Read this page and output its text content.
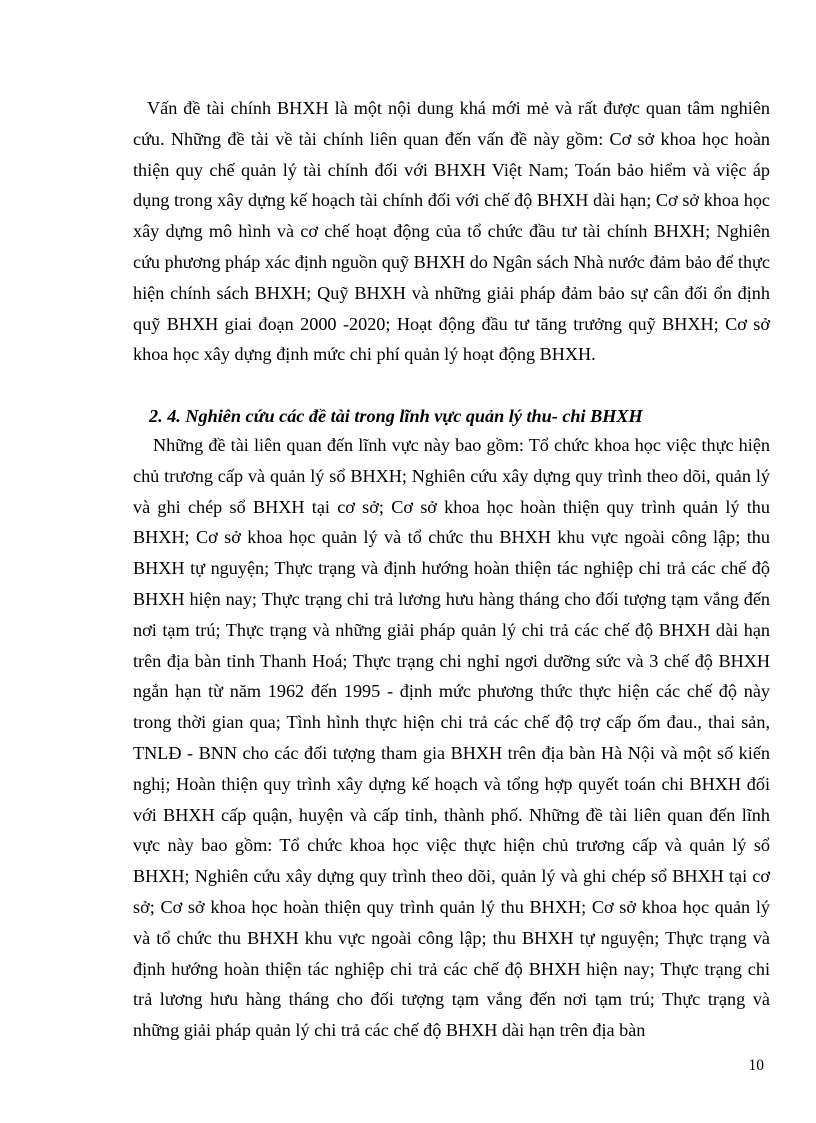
Vấn đề tài chính BHXH là một nội dung khá mới mẻ và rất được quan tâm nghiên cứu. Những đề tài về tài chính liên quan đến vấn đề này gồm: Cơ sở khoa học hoàn thiện quy chế quản lý tài chính đối với BHXH Việt Nam; Toán bảo hiểm và việc áp dụng trong xây dựng kế hoạch tài chính đối với chế độ BHXH dài hạn; Cơ sở khoa học xây dựng mô hình và cơ chế hoạt động của tổ chức đầu tư tài chính BHXH; Nghiên cứu phương pháp xác định nguồn quỹ BHXH do Ngân sách Nhà nước đảm bảo để thực hiện chính sách BHXH; Quỹ BHXH và những giải pháp đảm bảo sự cân đối ổn định quỹ BHXH giai đoạn 2000 -2020; Hoạt động đầu tư tăng trưởng quỹ BHXH; Cơ sở khoa học xây dựng định mức chi phí quản lý hoạt động BHXH.

2. 4. Nghiên cứu các đề tài trong lĩnh vực quản lý thu- chi BHXH

Những đề tài liên quan đến lĩnh vực này bao gồm: Tổ chức khoa học việc thực hiện chủ trương cấp và quản lý sổ BHXH; Nghiên cứu xây dựng quy trình theo dõi, quản lý và ghi chép sổ BHXH tại cơ sở; Cơ sở khoa học hoàn thiện quy trình quản lý thu BHXH; Cơ sở khoa học quản lý và tổ chức thu BHXH khu vực ngoài công lập; thu BHXH tự nguyện; Thực trạng và định hướng hoàn thiện tác nghiệp chi trả các chế độ BHXH hiện nay; Thực trạng chi trả lương hưu hàng tháng cho đối tượng tạm vắng đến nơi tạm trú; Thực trạng và những giải pháp quản lý chi trả các chế độ BHXH dài hạn trên địa bàn tỉnh Thanh Hoá; Thực trạng chi nghỉ ngơi dưỡng sức và 3 chế độ BHXH ngắn hạn từ năm 1962 đến 1995 - định mức phương thức thực hiện các chế độ này trong thời gian qua; Tình hình thực hiện chi trả các chế độ trợ cấp ốm đau., thai sản, TNLĐ - BNN cho các đối tượng tham gia BHXH trên địa bàn Hà Nội và một số kiến nghị; Hoàn thiện quy trình xây dựng kế hoạch và tổng hợp quyết toán chi BHXH đối với BHXH cấp quận, huyện và cấp tỉnh, thành phố. Những đề tài liên quan đến lĩnh vực này bao gồm: Tổ chức khoa học việc thực hiện chủ trương cấp và quản lý sổ BHXH; Nghiên cứu xây dựng quy trình theo dõi, quản lý và ghi chép sổ BHXH tại cơ sở; Cơ sở khoa học hoàn thiện quy trình quản lý thu BHXH; Cơ sở khoa học quản lý và tổ chức thu BHXH khu vực ngoài công lập; thu BHXH tự nguyện; Thực trạng và định hướng hoàn thiện tác nghiệp chi trả các chế độ BHXH hiện nay; Thực trạng chi trả lương hưu hàng tháng cho đối tượng tạm vắng đến nơi tạm trú; Thực trạng và những giải pháp quản lý chi trả các chế độ BHXH dài hạn trên địa bàn

10
